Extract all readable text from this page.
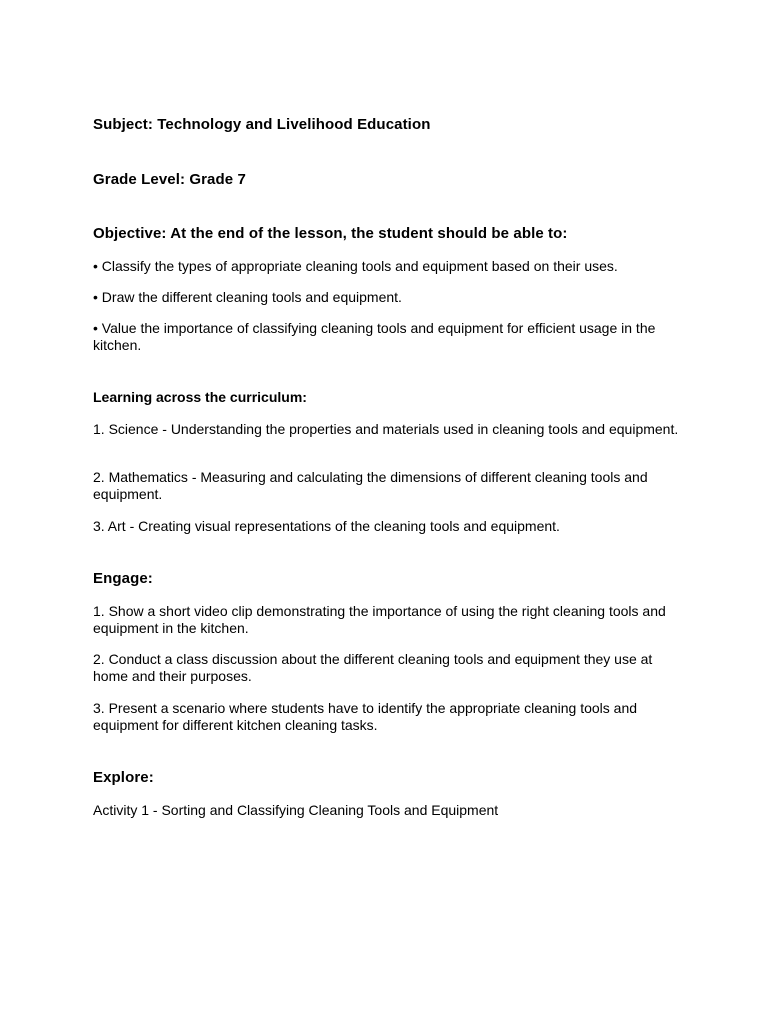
Subject: Technology and Livelihood Education

Grade Level: Grade 7

Objective: At the end of the lesson, the student should be able to:

• Classify the types of appropriate cleaning tools and equipment based on their uses.

• Draw the different cleaning tools and equipment.

• Value the importance of classifying cleaning tools and equipment for efficient usage in the kitchen.

Learning across the curriculum:

1. Science - Understanding the properties and materials used in cleaning tools and equipment.

2. Mathematics - Measuring and calculating the dimensions of different cleaning tools and equipment.

3. Art - Creating visual representations of the cleaning tools and equipment.

Engage:

1. Show a short video clip demonstrating the importance of using the right cleaning tools and equipment in the kitchen.

2. Conduct a class discussion about the different cleaning tools and equipment they use at home and their purposes.

3. Present a scenario where students have to identify the appropriate cleaning tools and equipment for different kitchen cleaning tasks.

Explore:

Activity 1 - Sorting and Classifying Cleaning Tools and Equipment
